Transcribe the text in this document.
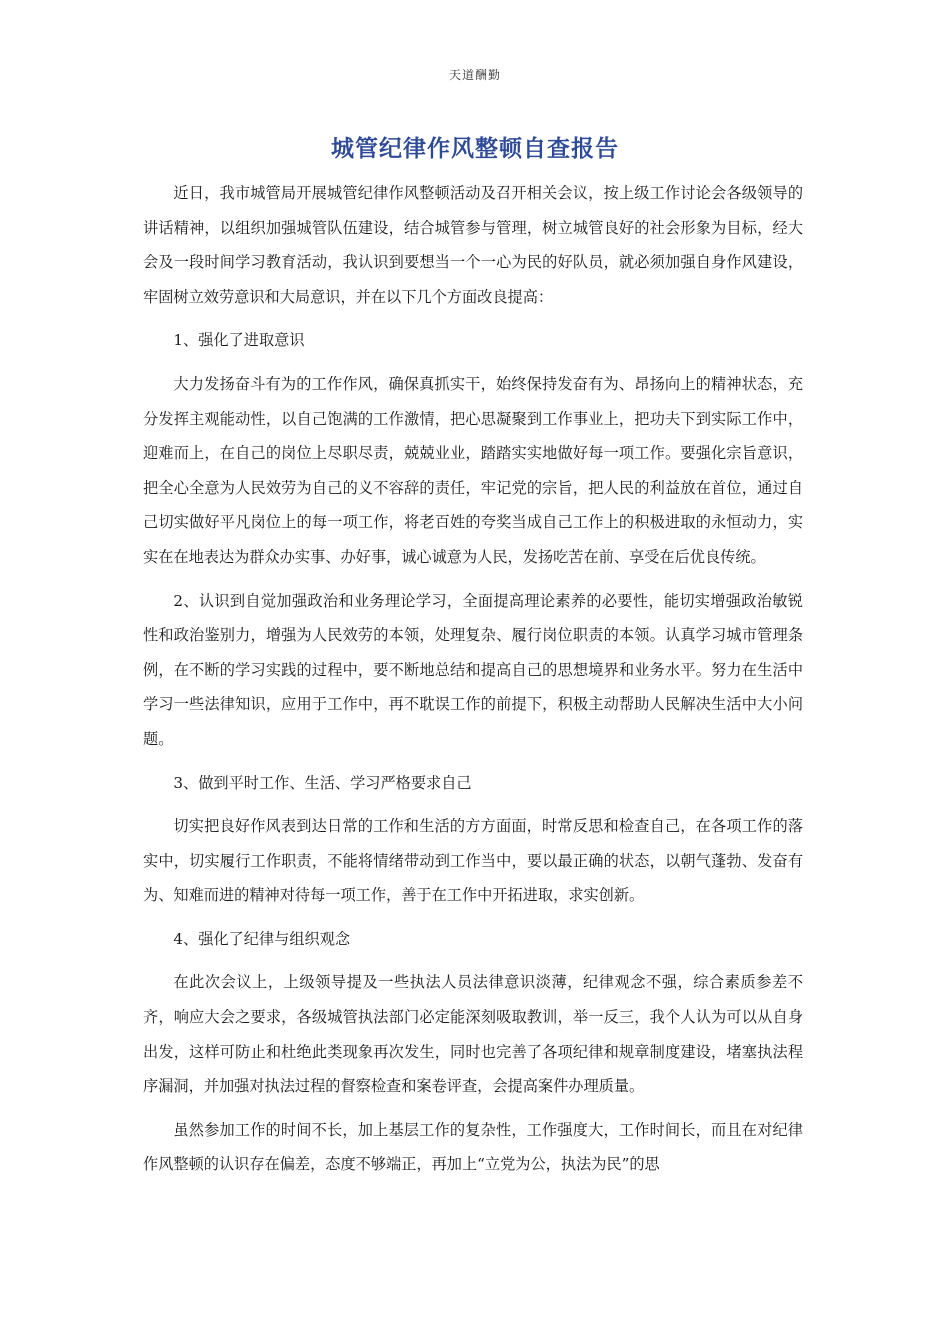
天道酬勤
城管纪律作风整顿自查报告

近日，我市城管局开展城管纪律作风整顿活动及召开相关会议，按上级工作讨论会各级领导的讲话精神，以组织加强城管队伍建设，结合城管参与管理，树立城管良好的社会形象为目标，经大会及一段时间学习教育活动，我认识到要想当一个一心为民的好队员，就必须加强自身作风建设，牢固树立效劳意识和大局意识，并在以下几个方面改良提高：

1、强化了进取意识

大力发扬奋斗有为的工作作风，确保真抓实干，始终保持发奋有为、昂扬向上的精神状态，充分发挥主观能动性，以自己饱满的工作激情，把心思凝聚到工作事业上，把功夫下到实际工作中，迎难而上，在自己的岗位上尽职尽责，兢兢业业，踏踏实实地做好每一项工作。要强化宗旨意识，把全心全意为人民效劳为自己的义不容辞的责任，牢记党的宗旨，把人民的利益放在首位，通过自己切实做好平凡岗位上的每一项工作，将老百姓的夸奖当成自己工作上的积极进取的永恒动力，实实在在地表达为群众办实事、办好事，诚心诚意为人民，发扬吃苦在前、享受在后优良传统。

2、认识到自觉加强政治和业务理论学习，全面提高理论素养的必要性，能切实增强政治敏锐性和政治鉴别力，增强为人民效劳的本领，处理复杂、履行岗位职责的本领。认真学习城市管理条例，在不断的学习实践的过程中，要不断地总结和提高自己的思想境界和业务水平。努力在生活中学习一些法律知识，应用于工作中，再不耽误工作的前提下，积极主动帮助人民解决生活中大小问题。

3、做到平时工作、生活、学习严格要求自己

切实把良好作风表到达日常的工作和生活的方方面面，时常反思和检查自己，在各项工作的落实中，切实履行工作职责，不能将情绪带动到工作当中，要以最正确的状态，以朝气蓬勃、发奋有为、知难而进的精神对待每一项工作，善于在工作中开拓进取，求实创新。

4、强化了纪律与组织观念

在此次会议上，上级领导提及一些执法人员法律意识淡薄，纪律观念不强，综合素质参差不齐，响应大会之要求，各级城管执法部门必定能深刻吸取教训，举一反三，我个人认为可以从自身出发，这样可防止和杜绝此类现象再次发生，同时也完善了各项纪律和规章制度建设，堵塞执法程序漏洞，并加强对执法过程的督察检查和案卷评查，会提高案件办理质量。

虽然参加工作的时间不长，加上基层工作的复杂性，工作强度大，工作时间长，而且在对纪律作风整顿的认识存在偏差，态度不够端正，再加上“立党为公，执法为民”的思
